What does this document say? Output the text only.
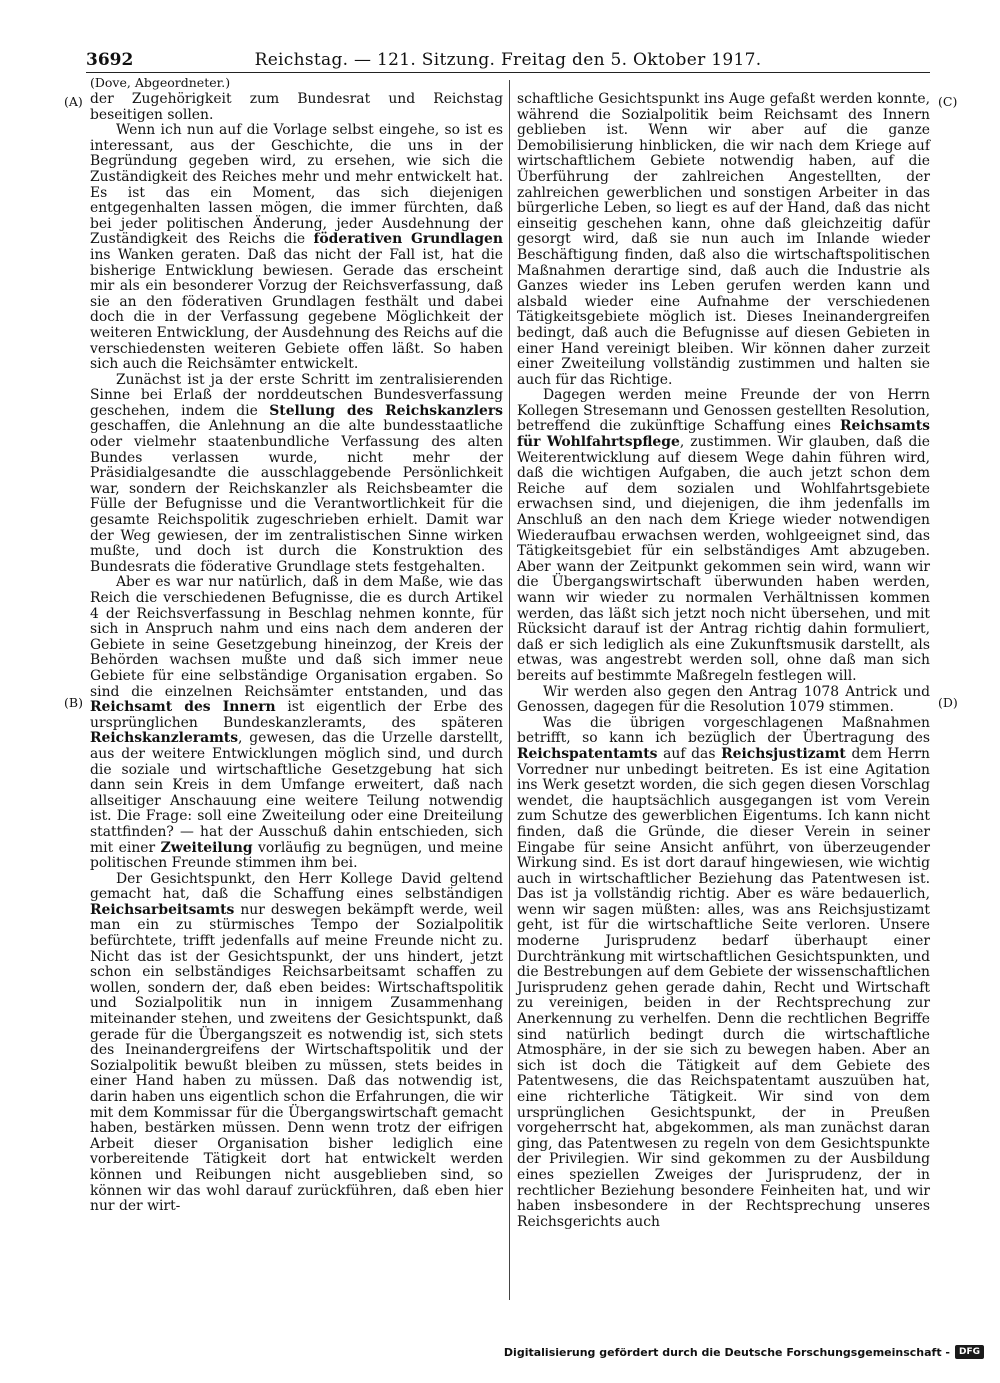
3692	Reichstag. — 121. Sitzung. Freitag den 5. Oktober 1917.
(Dove, Abgeordneter.)
(A)
(B)
(C)
(D)

der Zugehörigkeit zum Bundesrat und Reichstag beseitigen sollen.

Wenn ich nun auf die Vorlage selbst eingehe, so ist es interessant, aus der Geschichte, die uns in der Begründung gegeben wird, zu ersehen, wie sich die Zuständigkeit des Reiches mehr und mehr entwickelt hat. Es ist das ein Moment, das sich diejenigen entgegenhalten lassen mögen, die immer fürchten, daß bei jeder politischen Änderung, jeder Ausdehnung der Zuständigkeit des Reichs die föderativen Grundlagen ins Wanken geraten. Daß das nicht der Fall ist, hat die bisherige Entwicklung bewiesen. Gerade das erscheint mir als ein besonderer Vorzug der Reichsverfassung, daß sie an den föderativen Grundlagen festhält und dabei doch die in der Verfassung gegebene Möglichkeit der weiteren Entwicklung, der Ausdehnung des Reichs auf die verschiedensten weiteren Gebiete offen läßt. So haben sich auch die Reichsämter entwickelt.

Zunächst ist ja der erste Schritt im zentralisierenden Sinne bei Erlaß der norddeutschen Bundesverfassung geschehen, indem die Stellung des Reichskanzlers geschaffen, die Anlehnung an die alte bundesstaatliche oder vielmehr staatenbundliche Verfassung des alten Bundes verlassen wurde, nicht mehr der Präsidialgesandte die ausschlaggebende Persönlichkeit war, sondern der Reichskanzler als Reichsbeamter die Fülle der Befugnisse und die Verantwortlichkeit für die gesamte Reichspolitik zugeschrieben erhielt. Damit war der Weg gewiesen, der im zentralistischen Sinne wirken mußte, und doch ist durch die Konstruktion des Bundesrats die föderative Grundlage stets festgehalten.

Aber es war nur natürlich, daß in dem Maße, wie das Reich die verschiedenen Befugnisse, die es durch Artikel 4 der Reichsverfassung in Beschlag nehmen konnte, für sich in Anspruch nahm und eins nach dem anderen der Gebiete in seine Gesetzgebung hineinzog, der Kreis der Behörden wachsen mußte und daß sich immer neue Gebiete für eine selbständige Organisation ergaben. So sind die einzelnen Reichsämter entstanden, und das Reichsamt des Innern ist eigentlich der Erbe des ursprünglichen Bundeskanzleramts, des späteren Reichskanzleramts, gewesen, das die Urzelle darstellt, aus der weitere Entwicklungen möglich sind, und durch die soziale und wirtschaftliche Gesetzgebung hat sich dann sein Kreis in dem Umfange erweitert, daß nach allseitiger Anschauung eine weitere Teilung notwendig ist. Die Frage: soll eine Zweiteilung oder eine Dreiteilung stattfinden? — hat der Ausschuß dahin entschieden, sich mit einer Zweiteilung vorläufig zu begnügen, und meine politischen Freunde stimmen ihm bei.

Der Gesichtspunkt, den Herr Kollege David geltend gemacht hat, daß die Schaffung eines selbständigen Reichsarbeitsamts nur deswegen bekämpft werde, weil man ein zu stürmisches Tempo der Sozialpolitik befürchtete, trifft jedenfalls auf meine Freunde nicht zu. Nicht das ist der Gesichtspunkt, der uns hindert, jetzt schon ein selbständiges Reichsarbeitsamt schaffen zu wollen, sondern der, daß eben beides: Wirtschaftspolitik und Sozialpolitik nun in innigem Zusammenhang miteinander stehen, und zweitens der Gesichtspunkt, daß gerade für die Übergangszeit es notwendig ist, sich stets des Ineinandergreifens der Wirtschaftspolitik und der Sozialpolitik bewußt bleiben zu müssen, stets beides in einer Hand haben zu müssen. Daß das notwendig ist, darin haben uns eigentlich schon die Erfahrungen, die wir mit dem Kommissar für die Übergangswirtschaft gemacht haben, bestärken müssen. Denn wenn trotz der eifrigen Arbeit dieser Organisation bisher lediglich eine vorbereitende Tätigkeit dort hat entwickelt werden können und Reibungen nicht ausgeblieben sind, so können wir das wohl darauf zurückführen, daß eben hier nur der wirt-

schaftliche Gesichtspunkt ins Auge gefaßt werden konnte, während die Sozialpolitik beim Reichsamt des Innern geblieben ist. Wenn wir aber auf die ganze Demobilisierung hinblicken, die wir nach dem Kriege auf wirtschaftlichem Gebiete notwendig haben, auf die Überführung der zahlreichen Angestellten, der zahlreichen gewerblichen und sonstigen Arbeiter in das bürgerliche Leben, so liegt es auf der Hand, daß das nicht einseitig geschehen kann, ohne daß gleichzeitig dafür gesorgt wird, daß sie nun auch im Inlande wieder Beschäftigung finden, daß also die wirtschaftspolitischen Maßnahmen derartige sind, daß auch die Industrie als Ganzes wieder ins Leben gerufen werden kann und alsbald wieder eine Aufnahme der verschiedenen Tätigkeitsgebiete möglich ist. Dieses Ineinandergreifen bedingt, daß auch die Befugnisse auf diesen Gebieten in einer Hand vereinigt bleiben. Wir können daher zurzeit einer Zweiteilung vollständig zustimmen und halten sie auch für das Richtige.

Dagegen werden meine Freunde der von Herrn Kollegen Stresemann und Genossen gestellten Resolution, betreffend die zukünftige Schaffung eines Reichsamts für Wohlfahrtspflege, zustimmen. Wir glauben, daß die Weiterentwicklung auf diesem Wege dahin führen wird, daß die wichtigen Aufgaben, die auch jetzt schon dem Reiche auf dem sozialen und Wohlfahrtsgebiete erwachsen sind, und diejenigen, die ihm jedenfalls im Anschluß an den nach dem Kriege wieder notwendigen Wiederaufbau erwachsen werden, wohlgeeignet sind, das Tätigkeitsgebiet für ein selbständiges Amt abzugeben. Aber wann der Zeitpunkt gekommen sein wird, wann wir die Übergangswirtschaft überwunden haben werden, wann wir wieder zu normalen Verhältnissen kommen werden, das läßt sich jetzt noch nicht übersehen, und mit Rücksicht darauf ist der Antrag richtig dahin formuliert, daß er sich lediglich als eine Zukunftsmusik darstellt, als etwas, was angestrebt werden soll, ohne daß man sich bereits auf bestimmte Maßregeln festlegen will.

Wir werden also gegen den Antrag 1078 Antrick und Genossen, dagegen für die Resolution 1079 stimmen.

Was die übrigen vorgeschlagenen Maßnahmen betrifft, so kann ich bezüglich der Übertragung des Reichspatentamts auf das Reichsjustizamt dem Herrn Vorredner nur unbedingt beitreten. Es ist eine Agitation ins Werk gesetzt worden, die sich gegen diesen Vorschlag wendet, die hauptsächlich ausgegangen ist vom Verein zum Schutze des gewerblichen Eigentums. Ich kann nicht finden, daß die Gründe, die dieser Verein in seiner Eingabe für seine Ansicht anführt, von überzeugender Wirkung sind. Es ist dort darauf hingewiesen, wie wichtig auch in wirtschaftlicher Beziehung das Patentwesen ist. Das ist ja vollständig richtig. Aber es wäre bedauerlich, wenn wir sagen müßten: alles, was ans Reichsjustizamt geht, ist für die wirtschaftliche Seite verloren. Unsere moderne Jurisprudenz bedarf überhaupt einer Durchtränkung mit wirtschaftlichen Gesichtspunkten, und die Bestrebungen auf dem Gebiete der wissenschaftlichen Jurisprudenz gehen gerade dahin, Recht und Wirtschaft zu vereinigen, beiden in der Rechtsprechung zur Anerkennung zu verhelfen. Denn die rechtlichen Begriffe sind natürlich bedingt durch die wirtschaftliche Atmosphäre, in der sie sich zu bewegen haben. Aber an sich ist doch die Tätigkeit auf dem Gebiete des Patentwesens, die das Reichspatentamt auszuüben hat, eine richterliche Tätigkeit. Wir sind von dem ursprünglichen Gesichtspunkt, der in Preußen vorgeherrscht hat, abgekommen, als man zunächst daran ging, das Patentwesen zu regeln von dem Gesichtspunkte der Privilegien. Wir sind gekommen zu der Ausbildung eines speziellen Zweiges der Jurisprudenz, der in rechtlicher Beziehung besondere Feinheiten hat, und wir haben insbesondere in der Rechtsprechung unseres Reichsgerichts auch

Digitalisierung gefördert durch die Deutsche Forschungsgemeinschaft -	DFG
